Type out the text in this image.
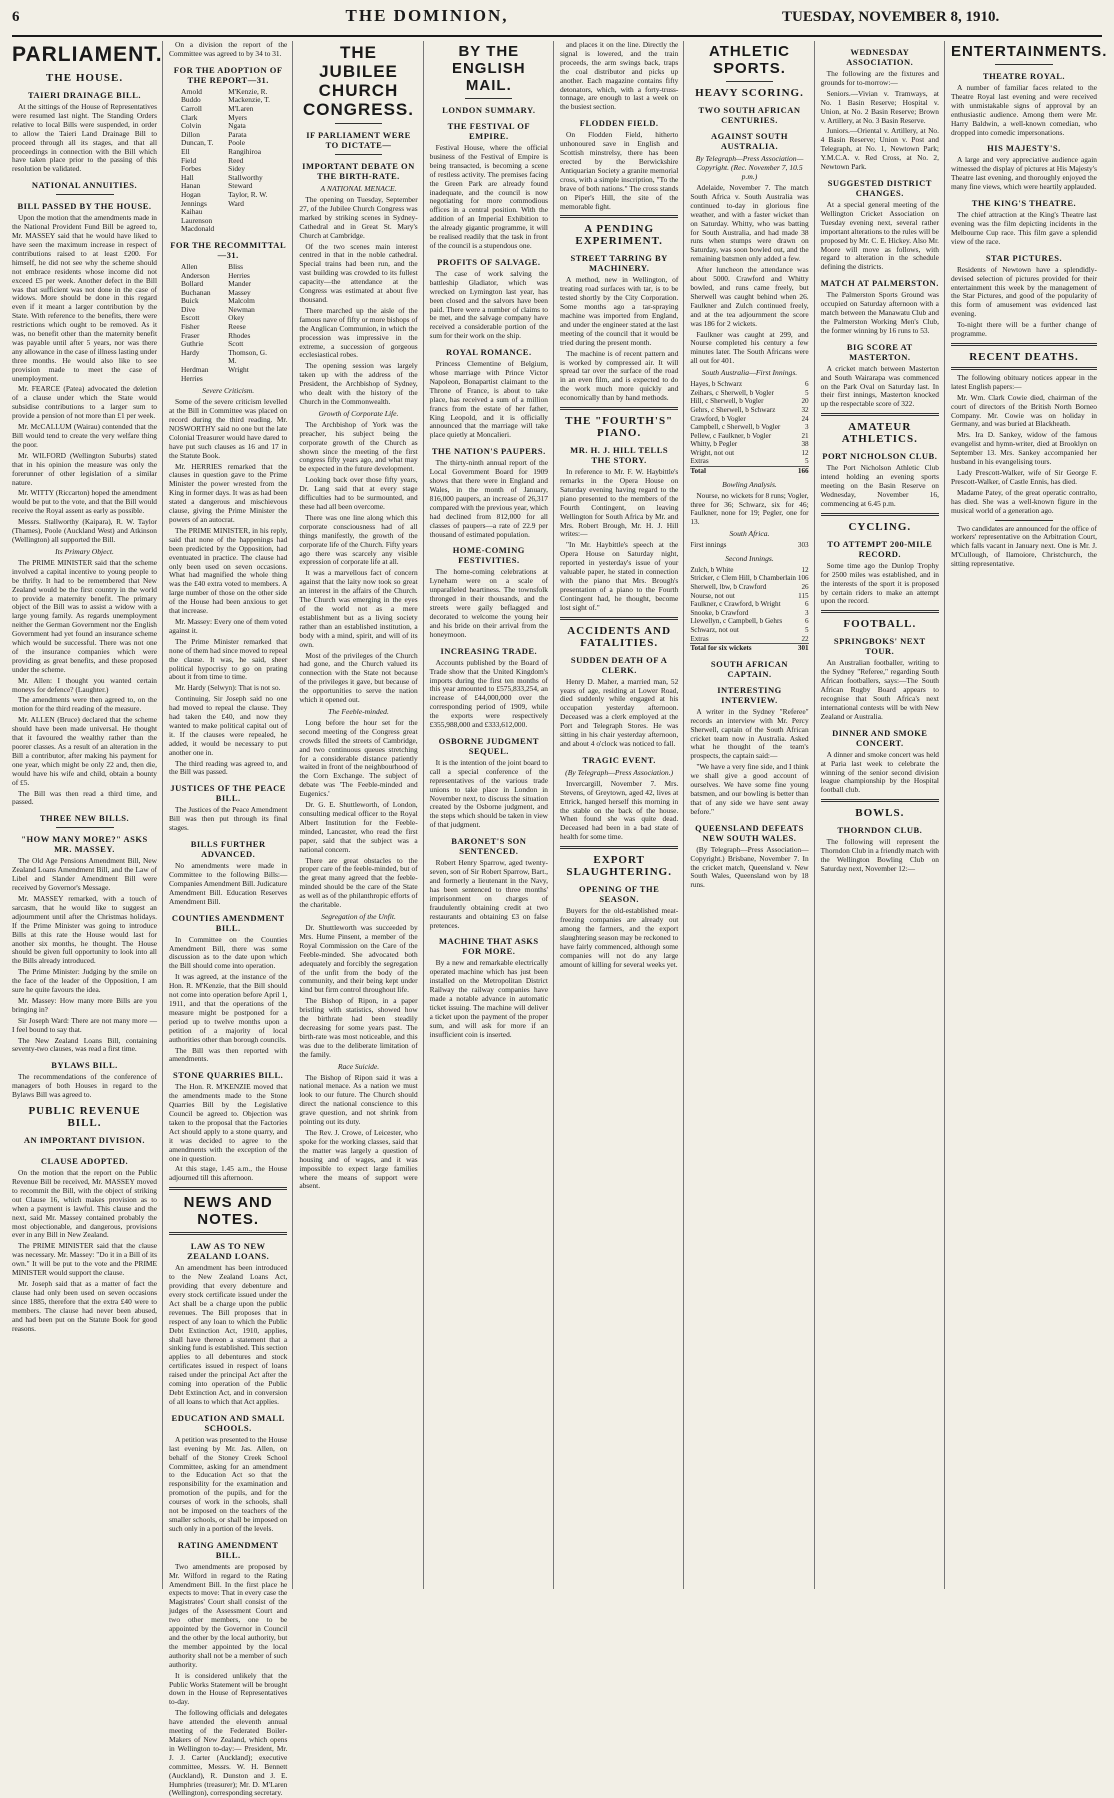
6	THE DOMINION,	TUESDAY, NOVEMBER 8, 1910.
PARLIAMENT.
THE HOUSE.
TAIERI DRAINAGE BILL.

At the sittings of the House of Representatives were resumed last night. The Standing Orders relative to local Bills were suspended, in order to allow the Taieri Land Drainage Bill to proceed through all its stages, and that all proceedings in connection with the Bill which have taken place prior to the passing of this resolution be validated.

NATIONAL ANNUITIES.
BILL PASSED BY THE HOUSE.

Upon the motion that the amendments made in the National Provident Fund Bill be agreed to, Mr. MASSEY said that he would have liked to have seen the maximum increase in respect of contributions raised to at least £200. For himself, he did not see why the scheme should not embrace residents whose income did not exceed £5 per week. Another defect in the Bill was that sufficient was not done in the case of widows. More should be done in this regard even if it meant a larger contribution by the State. With reference to the benefits, there were restrictions which ought to be removed. As it was, no benefit other than the maternity benefit was payable until after 5 years, nor was there any allowance in the case of illness lasting under three months. He would also like to see provision made to meet the case of unemployment.

Mr. FEARCE (Patea) advocated the deletion of a clause under which the State would subsidise contributions to a larger sum to provide a pension of not more than £1 per week.

Mr. McCALLUM (Wairau) contended that the Bill would tend to create the very welfare thing the poor.

Mr. WILFORD (Wellington Suburbs) stated that in his opinion the measure was only the forerunner of other legislation of a similar nature.

Mr. WITTY (Riccarton) hoped the amendment would be put to the vote, and that the Bill would receive the Royal assent as early as possible.

Messrs. Stallworthy (Kaipara), R. W. Taylor (Thames), Poole (Auckland West) and Atkinson (Wellington) all supported the Bill.

Its Primary Object.

The PRIME MINISTER said that the scheme involved a capital incentive to young people to be thrifty. It had to be remembered that New Zealand would be the first country in the world to provide a maternity benefit. The primary object of the Bill was to assist a widow with a large young family. As regards unemployment neither the German Government nor the English Government had yet found an insurance scheme which would be successful. There was not one of the insurance companies which were providing as great benefits, and these proposed under the scheme.

Mr. Allen: I thought you wanted certain moneys for defence? (Laughter.)

The amendments were then agreed to, on the motion for the third reading of the measure.

Mr. ALLEN (Bruce) declared that the scheme should have been made universal. He thought that it favoured the wealthy rather than the poorer classes. As a result of an alteration in the Bill a contributor, after making his payment for one year, which might be only 22 and, then die, would have his wife and child, obtain a bounty of £5.

The Bill was then read a third time, and passed.

THREE NEW BILLS.
"HOW MANY MORE?" ASKS MR. MASSEY.

The Old Age Pensions Amendment Bill, New Zealand Loans Amendment Bill, and the Law of Libel and Slander Amendment Bill were received by Governor's Message.

Mr. MASSEY remarked, with a touch of sarcasm, that he would like to suggest an adjournment until after the Christmas holidays. If the Prime Minister was going to introduce Bills at this rate the House would last for another six months, he thought. The House should be given full opportunity to look into all the Bills already introduced.

The Prime Minister: Judging by the smile on the face of the leader of the Opposition, I am sure he quite favours the idea.

Mr. Massey: How many more Bills are you bringing in?

Sir Joseph Ward: There are not many more — I feel bound to say that.

The New Zealand Loans Bill, containing seventy-two clauses, was read a first time.

BYLAWS BILL.

The recommendations of the conference of managers of both Houses in regard to the Bylaws Bill was agreed to.

PUBLIC REVENUE BILL.
AN IMPORTANT DIVISION.
CLAUSE ADOPTED.

On the motion that the report on the Public Revenue Bill be received, Mr. MASSEY moved to recommit the Bill, with the object of striking out Clause 16, which makes provision as to when a payment is lawful. This clause and the next, said Mr. Massey contained probably the most objectionable, and dangerous, provisions ever in any Bill in New Zealand.

The PRIME MINISTER said that the clause was necessary. Mr. Massey: "Do it in a Bill of its own." It will be put to the vote and the PRIME MINISTER would support the clause.

Mr. Joseph said that as a matter of fact the clause had only been used on seven occasions since 1885, therefore that the extra £40 were to members. The clause had never been abused, and had been put on the Statute Book for good reasons.

On a division the report of the Committee was agreed to by 34 to 31.

FOR THE ADOPTION OF THE REPORT—31.
Arnold	M'Kenzie, R.
Buddo	Mackenzie, T.
Carroll	M'Laren
Clark	Myers
Colvin	Ngata
Dillon	Parata
Duncan, T.	Poole
Ell	Rangihiroa
Field	Reed
Forbes	Sidey
Hall	Stallworthy
Hanan	Steward
Hogan	Taylor, R. W.
Jennings	Ward
Kaihau

Laurenson

Macdonald

FOR THE RECOMMITTAL—31.
Allen	Bliss
Anderson	Herries
Bollard	Mander
Buchanan	Massey
Buick	Malcolm
Dive	Newman
Escott	Okey
Fisher	Reese
Fraser	Rhodes
Guthrie	Scott
Hardy	Thomson, G. M.
Herdman	Wright
Herries

Severe Criticism.

Some of the severe criticism levelled at the Bill in Committee was placed on record during the third reading. Mr. NOSWORTHY said no one but the late Colonial Treasurer would have dared to have put such clauses as 16 and 17 in the Statute Book.

Mr. HERRIES remarked that the clauses in question gave to the Prime Minister the power wrested from the King in former days. It was as had been stated a dangerous and mischievous clause, giving the Prime Minister the powers of an autocrat.

The PRIME MINISTER, in his reply, said that none of the happenings had been predicted by the Opposition, had eventuated in practice. The clause had only been used on seven occasions. What had magnified the whole thing was the £40 extra voted to members. A large number of those on the other side of the House had been anxious to get that increase.

Mr. Massey: Every one of them voted against it.

The Prime Minister remarked that none of them had since moved to repeal the clause. It was, he said, sheer political hypocrisy to go on prating about it from time to time.

Mr. Hardy (Selwyn): That is not so.

Continuing, Sir Joseph said no one had moved to repeal the clause. They had taken the £40, and now they wanted to make political capital out of it. If the clauses were repealed, he added, it would be necessary to put another one in.

The third reading was agreed to, and the Bill was passed.

JUSTICES OF THE PEACE BILL.

The Justices of the Peace Amendment Bill was then put through its final stages.

BILLS FURTHER ADVANCED.

No amendments were made in Committee to the following Bills:— Companies Amendment Bill. Judicature Amendment Bill. Education Reserves Amendment Bill.

COUNTIES AMENDMENT BILL.

In Committee on the Counties Amendment Bill, there was some discussion as to the date upon which the Bill should come into operation.

It was agreed, at the instance of the Hon. R. M'Kenzie, that the Bill should not come into operation before April 1, 1911, and that the operations of the measure might be postponed for a period up to twelve months upon a petition of a majority of local authorities other than borough councils.

The Bill was then reported with amendments.

STONE QUARRIES BILL.

The Hon. R. M'KENZIE moved that the amendments made to the Stone Quarries Bill by the Legislative Council be agreed to. Objection was taken to the proposal that the Factories Act should apply to a stone quarry, and it was decided to agree to the amendments with the exception of the one in question.

At this stage, 1.45 a.m., the House adjourned till this afternoon.

NEWS AND NOTES.
LAW AS TO NEW ZEALAND LOANS.

An amendment has been introduced to the New Zealand Loans Act, providing that every debenture and every stock certificate issued under the Act shall be a charge upon the public revenues. The Bill proposes that in respect of any loan to which the Public Debt Extinction Act, 1910, applies, shall have thereon a statement that a sinking fund is established. This section applies to all debentures and stock certificates issued in respect of loans raised under the principal Act after the coming into operation of the Public Debt Extinction Act, and in conversion of all loans to which that Act applies.

EDUCATION AND SMALL SCHOOLS.

A petition was presented to the House last evening by Mr. Jas. Allen, on behalf of the Stoney Creek School Committee, asking for an amendment to the Education Act so that the responsibility for the examination and promotion of the pupils, and for the courses of work in the schools, shall not be imposed on the teachers of the smaller schools, or shall be imposed on such only in a portion of the levels.

RATING AMENDMENT BILL.

Two amendments are proposed by Mr. Wilford in regard to the Rating Amendment Bill. In the first place he expects to move: That in every case the Magistrates' Court shall consist of the judges of the Assessment Court and two other members, one to be appointed by the Governor in Council and the other by the local authority, but the member appointed by the local authority shall not be a member of such authority.

It is considered unlikely that the Public Works Statement will be brought down in the House of Representatives to-day.

The following officials and delegates have attended the eleventh annual meeting of the Federated Boiler-Makers of New Zealand, which opens in Wellington to-day:— President, Mr. J. J. Carter (Auckland); executive committee, Messrs. W. H. Bennett (Auckland), R. Dunston and J. E. Humphries (treasurer); Mr. D. M'Laren (Wellington), corresponding secretary.

THE JUBILEE CHURCH CONGRESS.
IF PARLIAMENT WERE TO DICTATE—
IMPORTANT DEBATE ON THE BIRTH-RATE.
A NATIONAL MENACE.

The opening on Tuesday, September 27, of the Jubilee Church Congress was marked by striking scenes in Sydney-Cathedral and in Great St. Mary's Church at Cambridge.

Of the two scenes main interest centred in that in the noble cathedral. Special trains had been run, and the vast building was crowded to its fullest capacity—the attendance at the Congress was estimated at about five thousand.

There marched up the aisle of the famous nave of fifty or more bishops of the Anglican Communion, in which the procession was impressive in the extreme, a succession of gorgeous ecclesiastical robes.

The opening session was largely taken up with the address of the President, the Archbishop of Sydney, who dealt with the history of the Church in the Commonwealth.

Growth of Corporate Life.

The Archbishop of York was the preacher, his subject being the corporate growth of the Church as shown since the meeting of the first congress fifty years ago, and what may be expected in the future development.

Looking back over those fifty years, Dr. Lang said that at every stage difficulties had to be surmounted, and these had all been overcome.

There was one line along which this corporate consciousness had of all things manifestly, the growth of the corporate life of the Church. Fifty years ago there was scarcely any visible expression of corporate life at all.

It was a marvellous fact of concern against that the laity now took so great an interest in the affairs of the Church. The Church was emerging in the eyes of the world not as a mere establishment but as a living society rather than an established institution, a body with a mind, spirit, and will of its own.

Most of the privileges of the Church had gone, and the Church valued its connection with the State not because of the privileges it gave, but because of the opportunities to serve the nation which it opened out.

The Feeble-minded.

Long before the hour set for the second meeting of the Congress great crowds filled the streets of Cambridge, and two continuous queues stretching for a considerable distance patiently waited in front of the neighbourhood of the Corn Exchange. The subject of debate was 'The Feeble-minded and Eugenics.'

Dr. G. E. Shuttleworth, of London, consulting medical officer to the Royal Albert Institution for the Feeble-minded, Lancaster, who read the first paper, said that the subject was a national concern.

There are great obstacles to the proper care of the feeble-minded, but of the great many agreed that the feeble-minded should be the care of the State as well as of the philanthropic efforts of the charitable.

Segregation of the Unfit.

Dr. Shuttleworth was succeeded by Mrs. Hume Pinsent, a member of the Royal Commission on the Care of the Feeble-minded. She advocated both adequately and forcibly the segregation of the unfit from the body of the community, and their being kept under kind but firm control throughout life.

The Bishop of Ripon, in a paper bristling with statistics, showed how the birthrate had been steadily decreasing for some years past. The birth-rate was most noticeable, and this was due to the deliberate limitation of the family.

Race Suicide.

The Bishop of Ripon said it was a national menace. As a nation we must look to our future. The Church should direct the national conscience to this grave question, and not shrink from pointing out its duty.

The Rev. J. Crowe, of Leicester, who spoke for the working classes, said that the matter was largely a question of housing and of wages, and it was impossible to expect large families where the means of support were absent.

BY THE ENGLISH MAIL.
LONDON SUMMARY.
THE FESTIVAL OF EMPIRE.

Festival House, where the official business of the Festival of Empire is being transacted, is becoming a scene of restless activity. The premises facing the Green Park are already found inadequate, and the council is now negotiating for more commodious offices in a central position. With the addition of an Imperial Exhibition to the already gigantic programme, it will be realised readily that the task in front of the council is a stupendous one.

PROFITS OF SALVAGE.

The case of work salving the battleship Gladiator, which was wrecked on Lymington last year, has been closed and the salvors have been paid. There were a number of claims to be met, and the salvage company have received a considerable portion of the sum for their work on the ship.

ROYAL ROMANCE.

Princess Clementine of Belgium, whose marriage with Prince Victor Napoleon, Bonapartist claimant to the Throne of France, is about to take place, has received a sum of a million francs from the estate of her father, King Leopold, and it is officially announced that the marriage will take place quietly at Moncalieri.

THE NATION'S PAUPERS.

The thirty-ninth annual report of the Local Government Board for 1909 shows that there were in England and Wales, in the month of January, 816,000 paupers, an increase of 26,317 compared with the previous year, which had declined from 812,000 for all classes of paupers—a rate of 22.9 per thousand of estimated population.

HOME-COMING FESTIVITIES.

The home-coming celebrations at Lyneham were on a scale of unparalleled heartiness. The townsfolk thronged in their thousands, and the streets were gaily beflagged and decorated to welcome the young heir and his bride on their arrival from the honeymoon.

INCREASING TRADE.

Accounts published by the Board of Trade show that the United Kingdom's imports during the first ten months of this year amounted to £575,833,254, an increase of £44,000,000 over the corresponding period of 1909, while the exports were respectively £355,988,000 and £333,612,000.

OSBORNE JUDGMENT SEQUEL.

It is the intention of the joint board to call a special conference of the representatives of the various trade unions to take place in London in November next, to discuss the situation created by the Osborne judgment, and the steps which should be taken in view of that judgment.

BARONET'S SON SENTENCED.

Robert Henry Sparrow, aged twenty-seven, son of Sir Robert Sparrow, Bart., and formerly a lieutenant in the Navy, has been sentenced to three months' imprisonment on charges of fraudulently obtaining credit at two restaurants and obtaining £3 on false pretences.

MACHINE THAT ASKS FOR MORE.

By a new and remarkable electrically operated machine which has just been installed on the Metropolitan District Railway the railway companies have made a notable advance in automatic ticket issuing. The machine will deliver a ticket upon the payment of the proper sum, and will ask for more if an insufficient coin is inserted.

and places it on the line. Directly the signal is lowered, and the train proceeds, the arm swings back, traps the coal distributor and picks up another. Each magazine contains fifty detonators, which, with a forty-truss-tonnage, are enough to last a week on the busiest section.

FLODDEN FIELD.

On Flodden Field, hitherto unhonoured save in English and Scottish minstrelsy, there has been erected by the Berwickshire Antiquarian Society a granite memorial cross, with a simple inscription, "To the brave of both nations." The cross stands on Piper's Hill, the site of the memorable fight.

A PENDING EXPERIMENT.
STREET TARRING BY MACHINERY.

A method, new in Wellington, of treating road surfaces with tar, is to be tested shortly by the City Corporation. Some months ago a tar-spraying machine was imported from England, and under the engineer stated at the last meeting of the council that it would be tried during the present month.

The machine is of recent pattern and is worked by compressed air. It will spread tar over the surface of the road in an even film, and is expected to do the work much more quickly and economically than by hand methods.

THE "FOURTH'S" PIANO.
MR. H. J. HILL TELLS THE STORY.

In reference to Mr. F. W. Haybittle's remarks in the Opera House on Saturday evening having regard to the piano presented to the members of the Fourth Contingent, on leaving Wellington for South Africa by Mr. and Mrs. Robert Brough, Mr. H. J. Hill writes:—

"In Mr. Haybittle's speech at the Opera House on Saturday night, reported in yesterday's issue of your valuable paper, he stated in connection with the piano that Mrs. Brough's presentation of a piano to the Fourth Contingent had, he thought, become lost sight of."

ACCIDENTS AND FATALITIES.
SUDDEN DEATH OF A CLERK.

Henry D. Maher, a married man, 52 years of age, residing at Lower Road, died suddenly while engaged at his occupation yesterday afternoon. Deceased was a clerk employed at the Port and Telegraph Stores. He was sitting in his chair yesterday afternoon, and about 4 o'clock was noticed to fall.

TRAGIC EVENT.
(By Telegraph—Press Association.)

Invercargill, November 7. Mrs. Stevens, of Greytown, aged 42, lives at Ettrick, hanged herself this morning in the stable on the back of the house. When found she was quite dead. Deceased had been in a bad state of health for some time.

EXPORT SLAUGHTERING.
OPENING OF THE SEASON.

Buyers for the old-established meat-freezing companies are already out among the farmers, and the export slaughtering season may be reckoned to have fairly commenced, although some companies will not do any large amount of killing for several weeks yet.

ATHLETIC SPORTS.
HEAVY SCORING.
TWO SOUTH AFRICAN CENTURIES.
AGAINST SOUTH AUSTRALIA.
By Telegraph—Press Association—Copyright. (Rec. November 7, 10.5 p.m.)

Adelaide, November 7. The match South Africa v. South Australia was continued to-day in glorious fine weather, and with a faster wicket than on Saturday. Whitty, who was batting for South Australia, and had made 38 runs when stumps were drawn on Saturday, was soon bowled out, and the remaining batsmen only added a few.

After luncheon the attendance was about 5000. Crawford and Whitty bowled, and runs came freely, but Sherwell was caught behind when 26. Faulkner and Zulch continued freely, and at the tea adjournment the score was 186 for 2 wickets.

Faulkner was caught at 299, and Nourse completed his century a few minutes later. The South Africans were all out for 401.

South Australia—First Innings.
Hayes, b Schwarz	6
Zeihars, c Sherwell, b Vogler	5
Hill, c Sherwell, b Vogler	20
Gehrs, c Sherwell, b Schwarz	32
Crawford, b Vogler	24
Campbell, c Sherwell, b Vogler	3
Pellew, c Faulkner, b Vogler	21
Whitty, b Pegler	38
Wright, not out	12
Extras	5
Total	166
Bowling Analysis.

Nourse, no wickets for 8 runs; Vogler, three for 36; Schwarz, six for 46; Faulkner, none for 19; Pegler, one for 13.

South Africa.
First innings	303
Second Innings.
Zulch, b White	12
Stricker, c Clem Hill, b Chamberlain	106
Sherwell, lbw, b Crawford	26
Nourse, not out	115
Faulkner, c Crawford, b Wright	6
Snooke, b Crawford	3
Llewellyn, c Campbell, b Gehrs	6
Schwarz, not out	5
Extras	22
Total for six wickets	301
SOUTH AFRICAN CAPTAIN.
INTERESTING INTERVIEW.

A writer in the Sydney "Referee" records an interview with Mr. Percy Sherwell, captain of the South African cricket team now in Australia. Asked what he thought of the team's prospects, the captain said:—

"We have a very fine side, and I think we shall give a good account of ourselves. We have some fine young batsmen, and our bowling is better than that of any side we have sent away before."

QUEENSLAND DEFEATS NEW SOUTH WALES.

(By Telegraph—Press Association—Copyright.) Brisbane, November 7. In the cricket match, Queensland v. New South Wales, Queensland won by 18 runs.

WEDNESDAY ASSOCIATION.

The following are the fixtures and grounds for to-morrow:—

Seniors.—Vivian v. Tramways, at No. 1 Basin Reserve; Hospital v. Union, at No. 2 Basin Reserve; Brown v. Artillery, at No. 3 Basin Reserve.

Juniors.—Oriental v. Artillery, at No. 4 Basin Reserve; Union v. Post and Telegraph, at No. 1, Newtown Park; Y.M.C.A. v. Red Cross, at No. 2, Newtown Park.

SUGGESTED DISTRICT CHANGES.

At a special general meeting of the Wellington Cricket Association on Tuesday evening next, several rather important alterations to the rules will be proposed by Mr. C. E. Hickey. Also Mr. Moore will move as follows, with regard to alteration in the schedule defining the districts.

MATCH AT PALMERSTON.

The Palmerston Sports Ground was occupied on Saturday afternoon with a match between the Manawatu Club and the Palmerston Working Men's Club, the former winning by 16 runs to 53.

BIG SCORE AT MASTERTON.

A cricket match between Masterton and South Wairarapa was commenced on the Park Oval on Saturday last. In their first innings, Masterton knocked up the respectable score of 322.

AMATEUR ATHLETICS.
PORT NICHOLSON CLUB.

The Port Nicholson Athletic Club intend holding an evening sports meeting on the Basin Reserve on Wednesday, November 16, commencing at 6.45 p.m.

CYCLING.
TO ATTEMPT 200-MILE RECORD.

Some time ago the Dunlop Trophy for 2500 miles was established, and in the interests of the sport it is proposed by certain riders to make an attempt upon the record.

FOOTBALL.
SPRINGBOKS' NEXT TOUR.

An Australian footballer, writing to the Sydney "Referee," regarding South African footballers, says:—The South African Rugby Board appears to recognise that South Africa's next international contests will be with New Zealand or Australia.

DINNER AND SMOKE CONCERT.

A dinner and smoke concert was held at Paria last week to celebrate the winning of the senior second division league championship by the Hospital football club.

BOWLS.
THORNDON CLUB.

The following will represent the Thorndon Club in a friendly match with the Wellington Bowling Club on Saturday next, November 12:—

ENTERTAINMENTS.
THEATRE ROYAL.

A number of familiar faces related to the Theatre Royal last evening and were received with unmistakable signs of approval by an enthusiastic audience. Among them were Mr. Harry Baldwin, a well-known comedian, who dropped into comedic impersonations.

HIS MAJESTY'S.

A large and very appreciative audience again witnessed the display of pictures at His Majesty's Theatre last evening, and thoroughly enjoyed the many fine views, which were heartily applauded.

THE KING'S THEATRE.

The chief attraction at the King's Theatre last evening was the film depicting incidents in the Melbourne Cup race. This film gave a splendid view of the race.

STAR PICTURES.

Residents of Newtown have a splendidly-devised selection of pictures provided for their entertainment this week by the management of the Star Pictures, and good of the popularity of this form of amusement was evidenced last evening.

To-night there will be a further change of programme.

RECENT DEATHS.

The following obituary notices appear in the latest English papers:—

Mr. Wm. Clark Cowie died, chairman of the court of directors of the British North Borneo Company. Mr. Cowie was on holiday in Germany, and was buried at Blackheath.

Mrs. Ira D. Sankey, widow of the famous evangelist and hymn-writer, died at Brooklyn on September 13. Mrs. Sankey accompanied her husband in his evangelising tours.

Lady Prescott-Walker, wife of Sir George F. Prescott-Walker, of Castle Ennis, has died.

Madame Patey, of the great operatic contralto, has died. She was a well-known figure in the musical world of a generation ago.

Two candidates are announced for the office of workers' representative on the Arbitration Court, which falls vacant in January next. One is Mr. J. M'Cullough, of Ilamoiore, Christchurch, the sitting representative.
